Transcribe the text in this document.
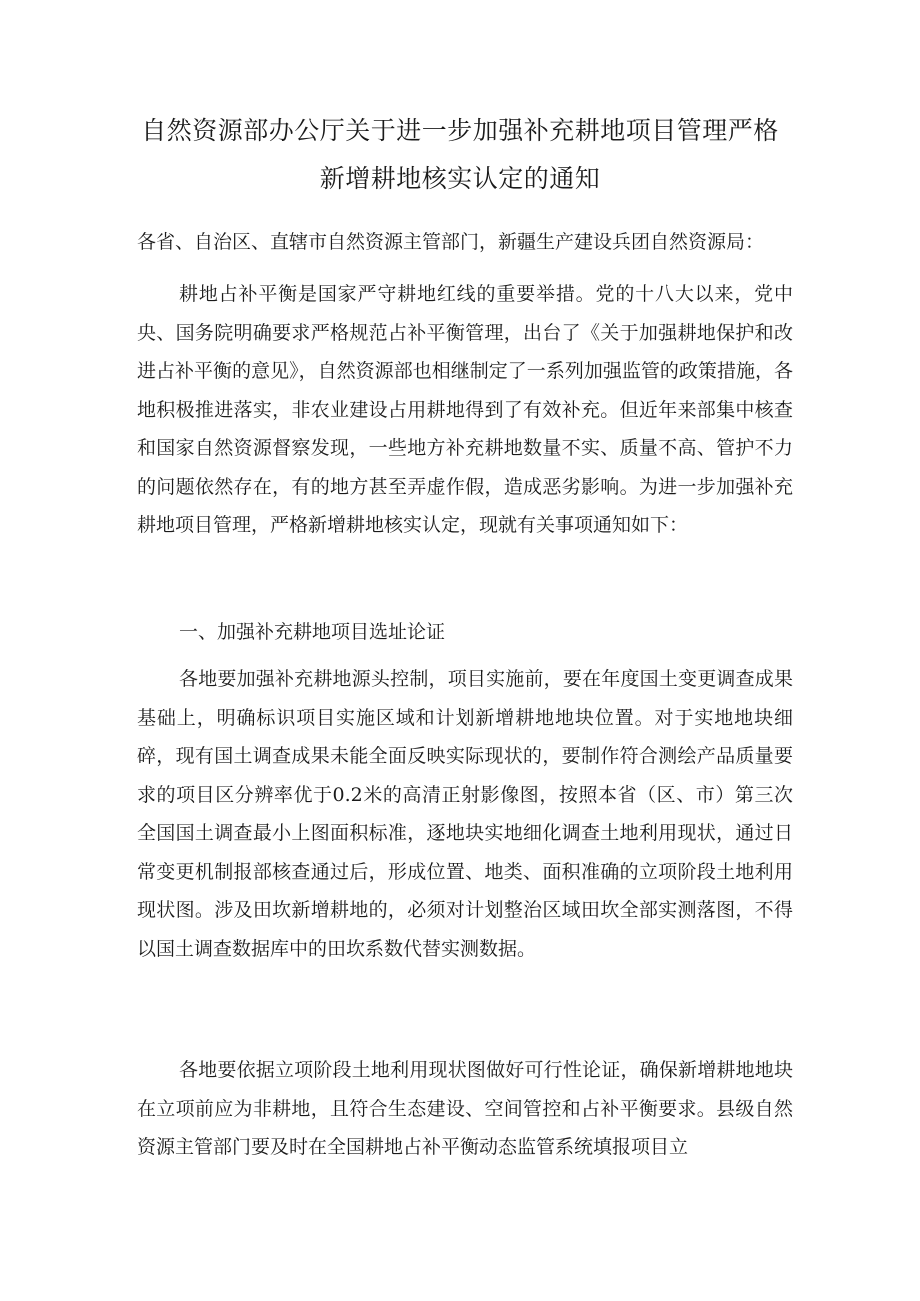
自然资源部办公厅关于进一步加强补充耕地项目管理严格
新增耕地核实认定的通知
各省、自治区、直辖市自然资源主管部门，新疆生产建设兵团自然资源局：
耕地占补平衡是国家严守耕地红线的重要举措。党的十八大以来，党中央、国务院明确要求严格规范占补平衡管理，出台了《关于加强耕地保护和改进占补平衡的意见》，自然资源部也相继制定了一系列加强监管的政策措施，各地积极推进落实，非农业建设占用耕地得到了有效补充。但近年来部集中核查和国家自然资源督察发现，一些地方补充耕地数量不实、质量不高、管护不力的问题依然存在，有的地方甚至弄虚作假，造成恶劣影响。为进一步加强补充耕地项目管理，严格新增耕地核实认定，现就有关事项通知如下：
一、加强补充耕地项目选址论证
各地要加强补充耕地源头控制，项目实施前，要在年度国土变更调查成果基础上，明确标识项目实施区域和计划新增耕地地块位置。对于实地地块细碎，现有国土调查成果未能全面反映实际现状的，要制作符合测绘产品质量要求的项目区分辨率优于0.2米的高清正射影像图，按照本省（区、市）第三次全国国土调查最小上图面积标准，逐地块实地细化调查土地利用现状，通过日常变更机制报部核查通过后，形成位置、地类、面积准确的立项阶段土地利用现状图。涉及田坎新增耕地的，必须对计划整治区域田坎全部实测落图，不得以国土调查数据库中的田坎系数代替实测数据。
各地要依据立项阶段土地利用现状图做好可行性论证，确保新增耕地地块在立项前应为非耕地，且符合生态建设、空间管控和占补平衡要求。县级自然资源主管部门要及时在全国耕地占补平衡动态监管系统填报项目立
